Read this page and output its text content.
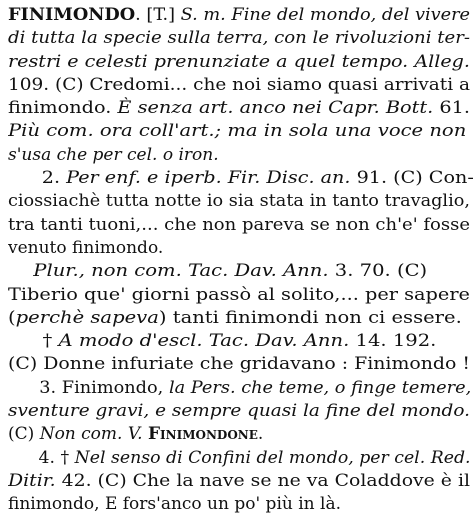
FINIMONDO. [T.] S. m. Fine del mondo, del vivere
di tutta la specie sulla terra, con le rivoluzioni ter-
restri e celesti prenunziate a quel tempo. Alleg.
109. (C) Credomi... che noi siamo quasi arrivati a
finimondo. È senza art. anco nei Capr. Bott. 61.
Più com. ora coll'art.; ma in sola una voce non
s'usa che per cel. o iron.
2. Per enf. e iperb. Fir. Disc. an. 91. (C) Con-
ciossiachè tutta notte io sia stata in tanto travaglio,
tra tanti tuoni,... che non pareva se non ch'e' fosse
venuto finimondo.
Plur., non com. Tac. Dav. Ann. 3. 70. (C)
Tiberio que' giorni passò al solito,... per sapere
(perchè sapeva) tanti finimondi non ci essere.
† A modo d'escl. Tac. Dav. Ann. 14. 192.
(C) Donne infuriate che gridavano : Finimondo !
3. Finimondo, la Pers. che teme, o finge temere,
sventure gravi, e sempre quasi la fine del mondo.
(C) Non com. V. Finimondone.
4. † Nel senso di Confini del mondo, per cel. Red.
Ditir. 42. (C) Che la nave se ne va Coladdove è il
finimondo, E fors'anco un po' più in là.
